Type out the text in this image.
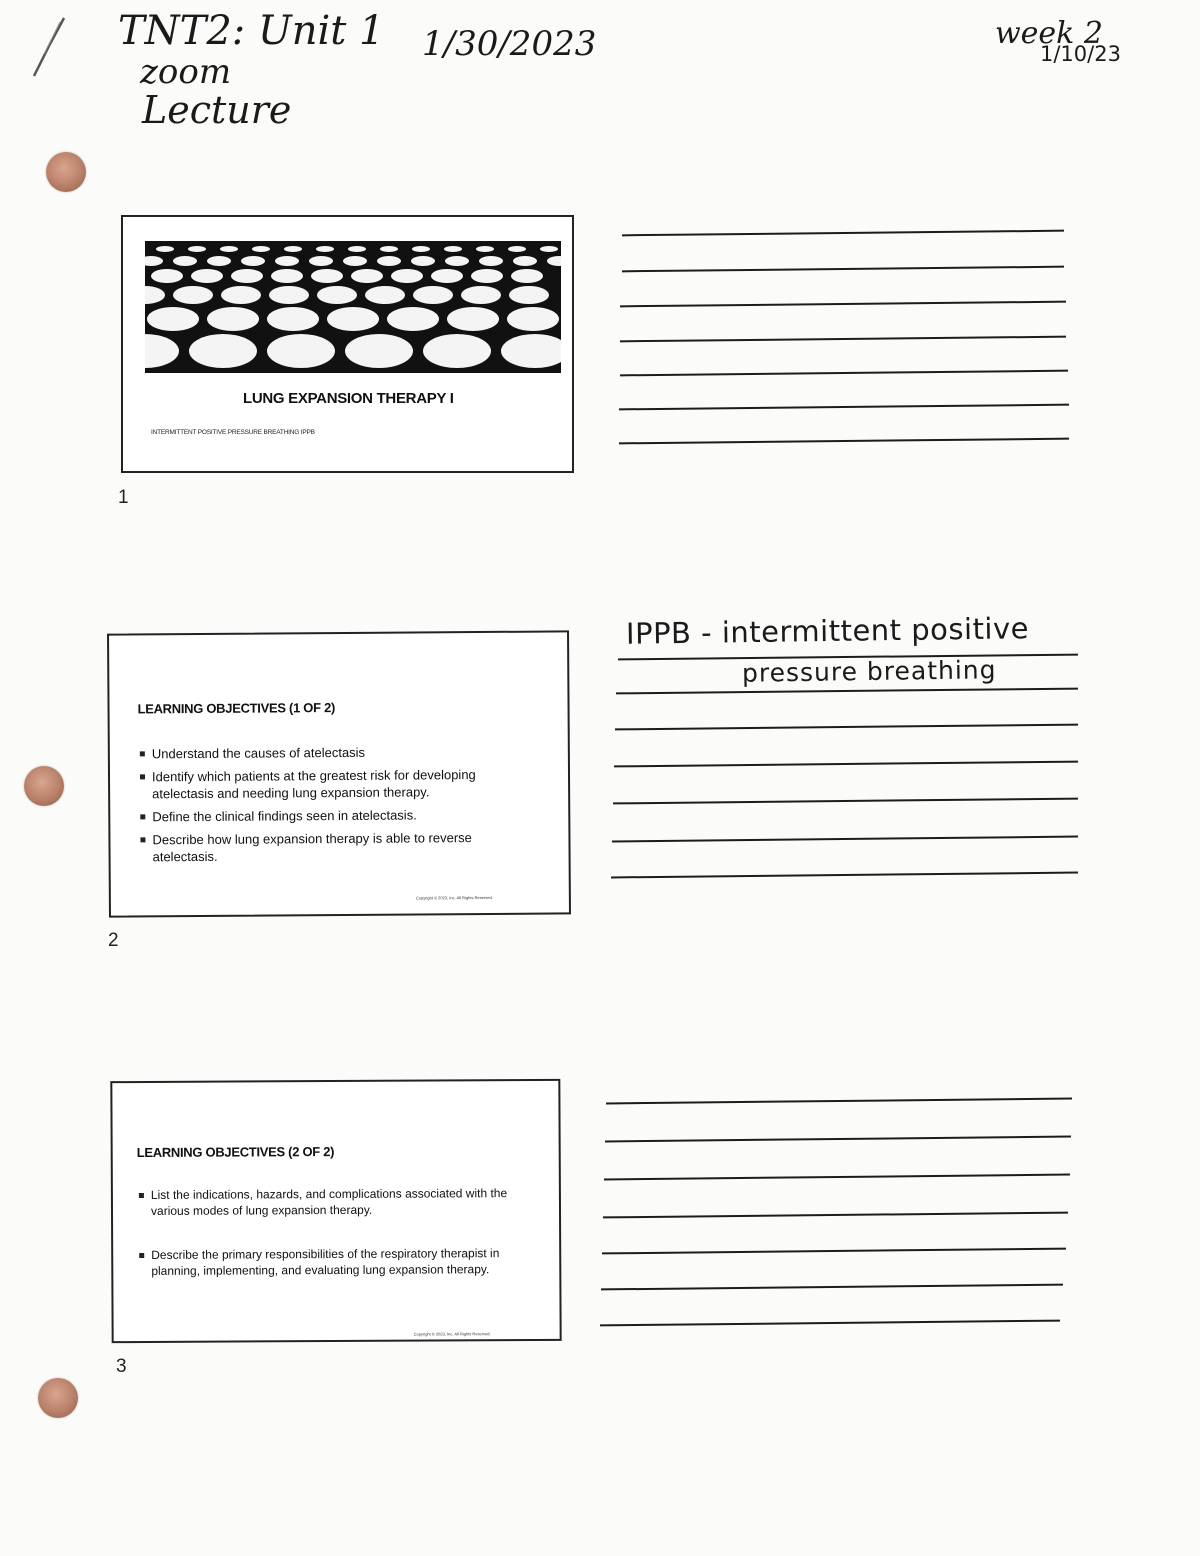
TNT2: Unit 1
zoom
Lecture
1/30/2023	week 2
1/10/23

LUNG EXPANSION THERAPY I
INTERMITTENT POSITIVE PRESSURE BREATHING IPPB
1
LEARNING OBJECTIVES (1 OF 2)
Understand the causes of atelectasis
Identify which patients at the greatest risk for developing atelectasis and needing lung expansion therapy.
Define the clinical findings seen in atelectasis.
Describe how lung expansion therapy is able to reverse atelectasis.
Copyright © 2023, Inc. All Rights Reserved.
2
IPPB - intermittent positive
pressure breathing
LEARNING OBJECTIVES (2 OF 2)
List the indications, hazards, and complications associated with the various modes of lung expansion therapy.
Describe the primary responsibilities of the respiratory therapist in planning, implementing, and evaluating lung expansion therapy.
Copyright © 2023, Inc. All Rights Reserved.
3
